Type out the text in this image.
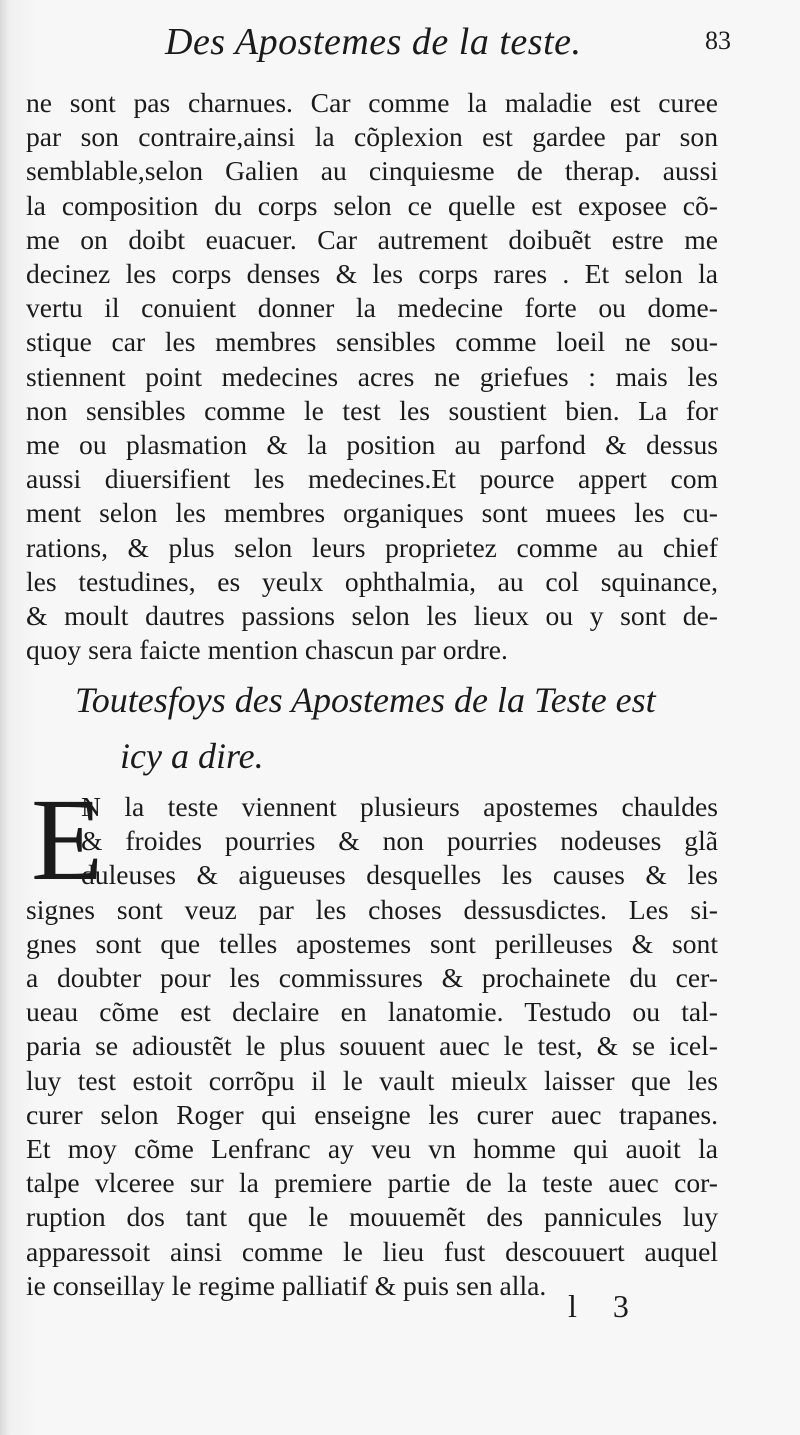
Des Apostemes de la teste.	83
ne sont pas charnues. Car comme la maladie est curee
par son contraire,ainsi la cõplexion est gardee par son
semblable,selon Galien au cinquiesme de therap. aussi
la composition du corps selon ce quelle est exposee cõ-
me on doibt euacuer. Car autrement doibuẽt estre me
decinez les corps denses & les corps rares . Et selon la
vertu il conuient donner la medecine forte ou dome-
stique car les membres sensibles comme loeil ne sou-
stiennent point medecines acres ne griefues : mais les
non sensibles comme le test les soustient bien. La for
me ou plasmation & la position au parfond & dessus
aussi diuersifient les medecines.Et pource appert com
ment selon les membres organiques sont muees les cu-
rations, & plus selon leurs proprietez comme au chief
les testudines, es yeulx ophthalmia, au col squinance,
& moult dautres passions selon les lieux ou y sont de-
quoy sera faicte mention chascun par ordre.
Toutesfoys des Apostemes de la Teste est
icy a dire.
E
N la teste viennent plusieurs apostemes chauldes
& froides pourries & non pourries nodeuses glã
duleuses & aigueuses desquelles les causes & les
signes sont veuz par les choses dessusdictes. Les si-
gnes sont que telles apostemes sont perilleuses & sont
a doubter pour les commissures & prochainete du cer-
ueau cõme est declaire en lanatomie. Testudo ou tal-
paria se adioustẽt le plus souuent auec le test, & se icel-
luy test estoit corrõpu il le vault mieulx laisser que les
curer selon Roger qui enseigne les curer auec trapanes.
Et moy cõme Lenfranc ay veu vn homme qui auoit la
talpe vlceree sur la premiere partie de la teste auec cor-
ruption dos tant que le mouuemẽt des pannicules luy
apparessoit ainsi comme le lieu fust descouuert auquel
ie conseillay le regime palliatif & puis sen alla.
l 3
